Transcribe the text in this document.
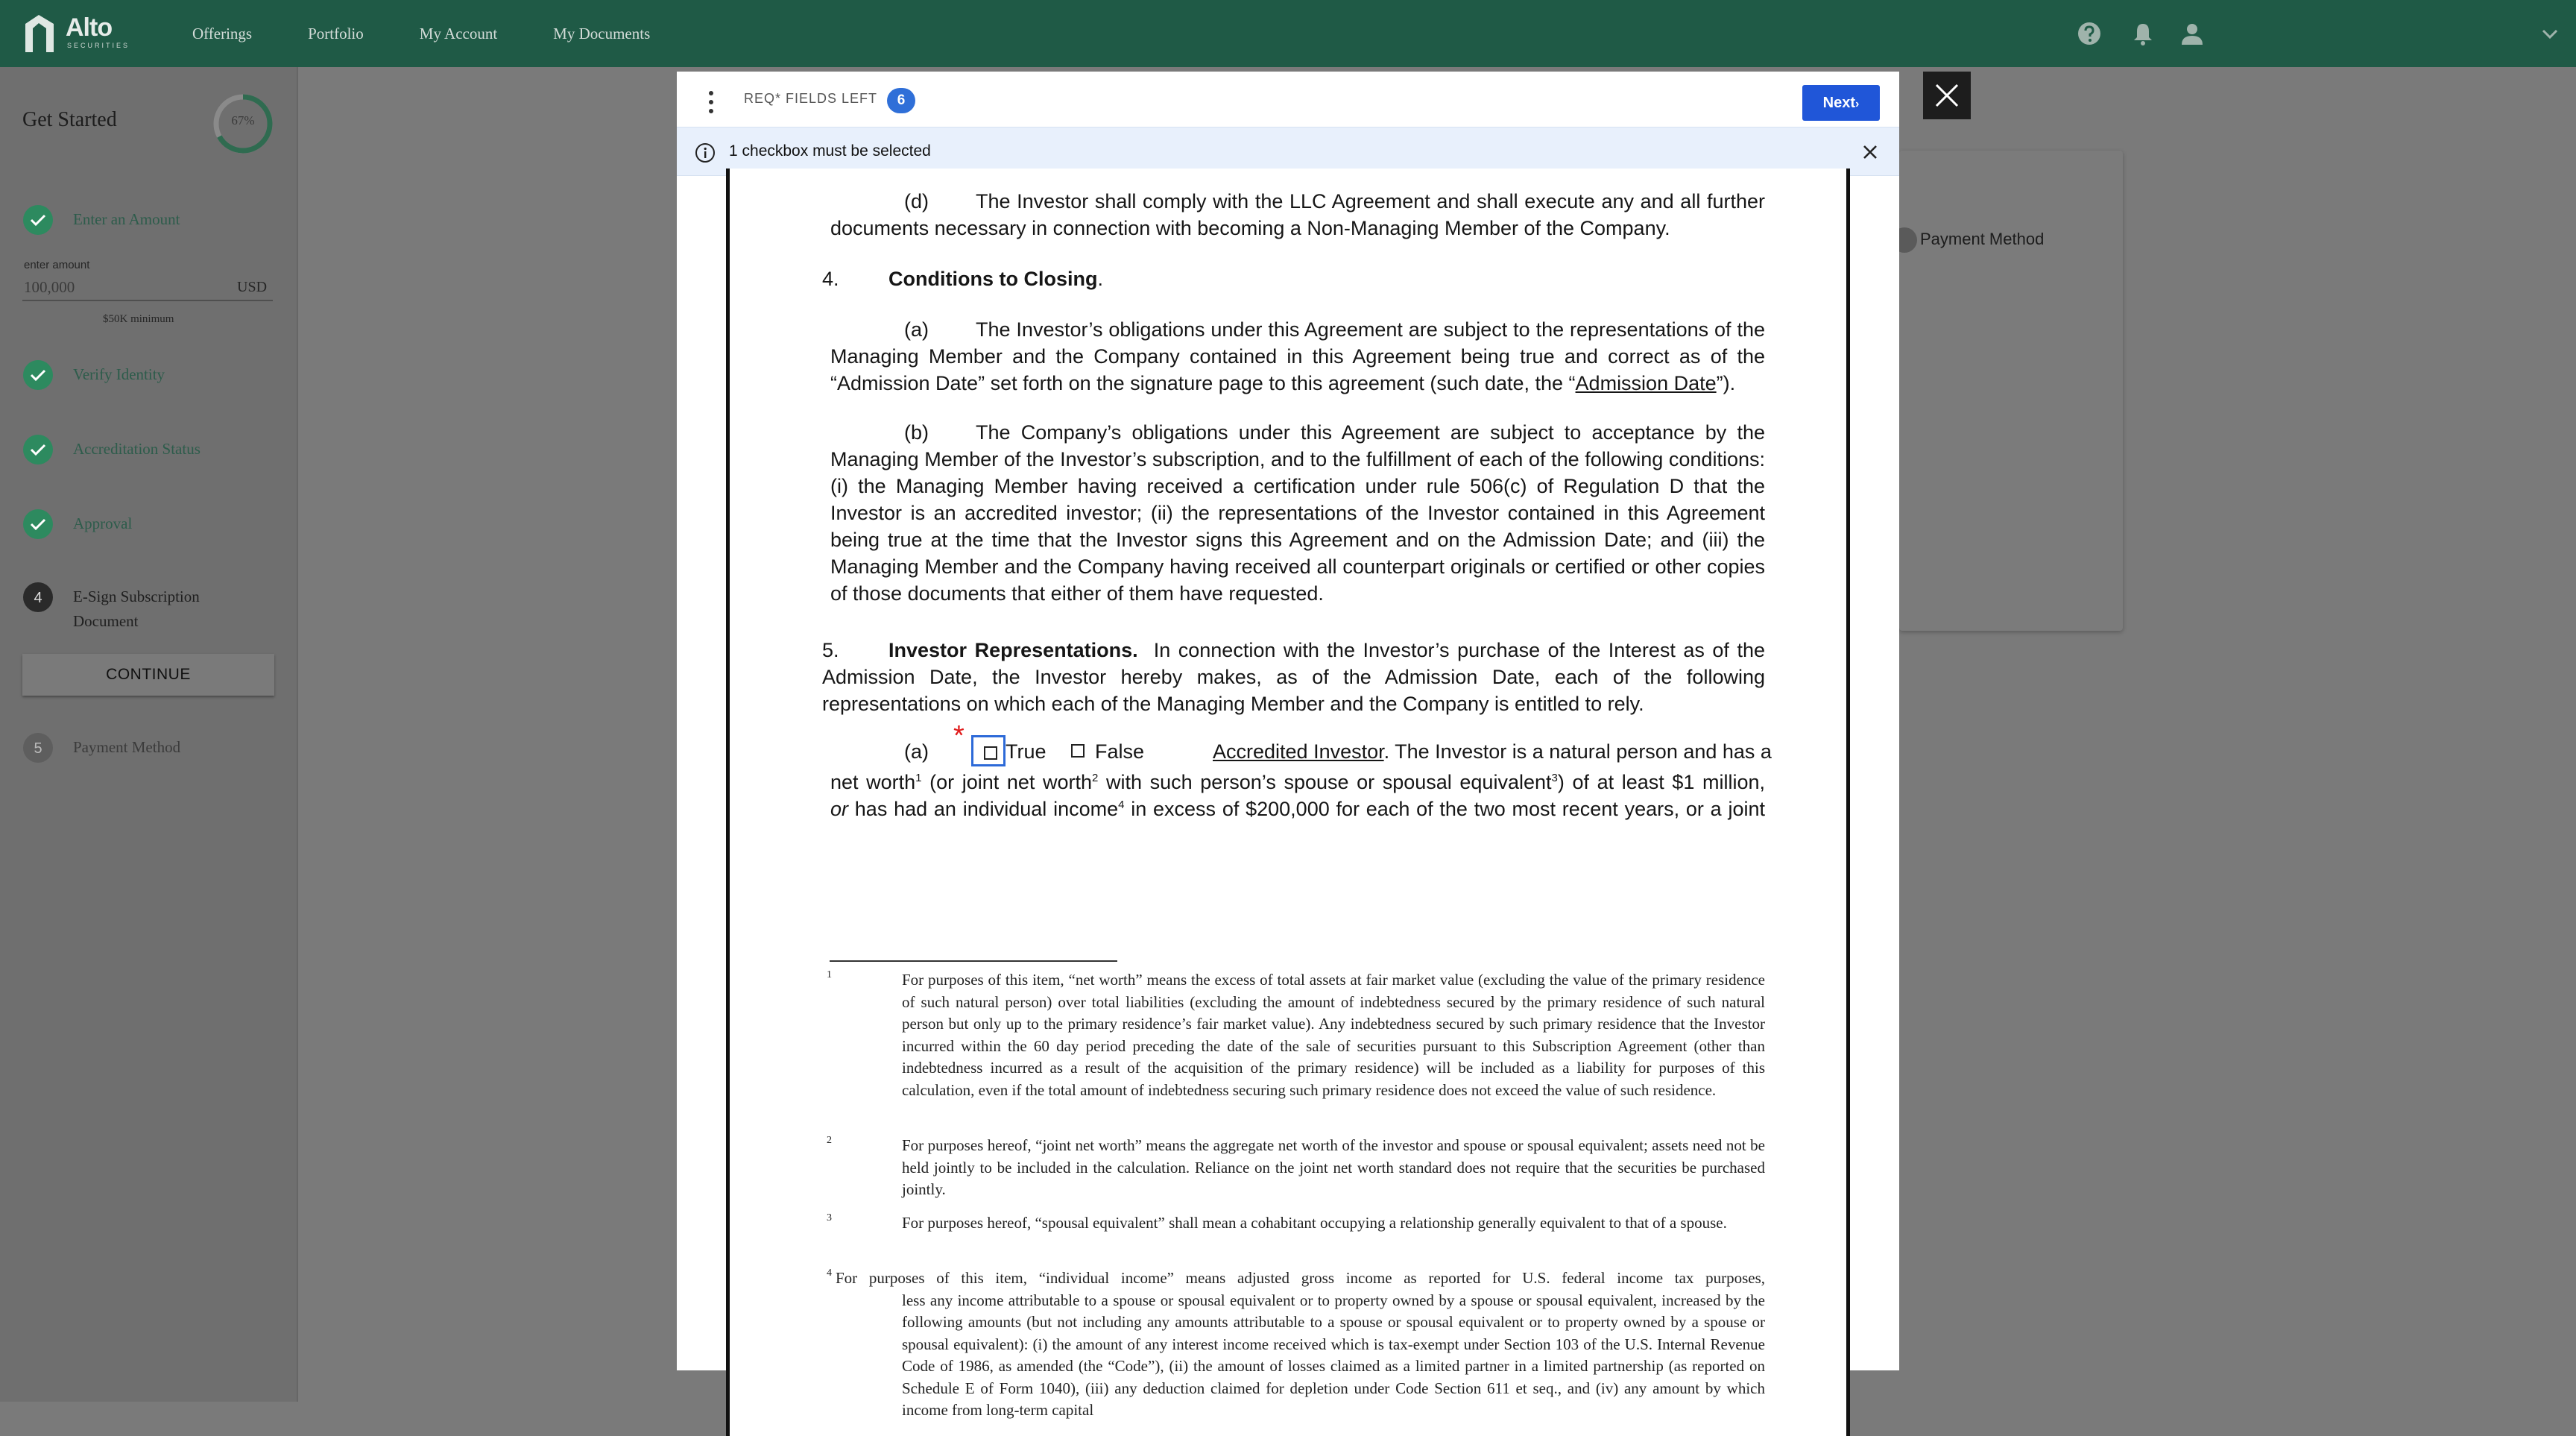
Alto
SECURITIES
Offerings	Portfolio	My Account	My Documents
Get Started	67%
Enter an Amount
enter amount
100,000
USD
$50K minimum
Verify Identity
Accreditation Status
Approval
4 E-Sign Subscription Document
CONTINUE
5 Payment Method
Payment Method
REQ* FIELDS LEFT	6	Next›
1 checkbox must be selected
(d)	The Investor shall comply with the LLC Agreement and shall execute any and all further documents necessary in connection with becoming a Non-Managing Member of the Company.
4.	Conditions to Closing.
(a)	The Investor’s obligations under this Agreement are subject to the representations of the Managing Member and the Company contained in this Agreement being true and correct as of the “Admission Date” set forth on the signature page to this agreement (such date, the “Admission Date”).
(b)	The Company’s obligations under this Agreement are subject to acceptance by the Managing Member of the Investor’s subscription, and to the fulfillment of each of the following conditions: (i) the Managing Member having received a certification under rule 506(c) of Regulation D that the Investor is an accredited investor; (ii) the representations of the Investor contained in this Agreement being true at the time that the Investor signs this Agreement and on the Admission Date; and (iii) the Managing Member and the Company having received all counterpart originals or certified or other copies of those documents that either of them have requested.
5. Investor Representations. In connection with the Investor’s purchase of the Interest as of the Admission Date, the Investor hereby makes, as of the Admission Date, each of the following representations on which each of the Managing Member and the Company is entitled to rely.
(a) * True	False	Accredited Investor. The Investor is a natural person and has a
net worth$^1$ (or joint net worth$^2$ with such person’s spouse or spousal equivalent$^3$) of at least $1 million,
or has had an individual income$^4$ in excess of $200,000 for each of the two most recent years, or a joint
1	For purposes of this item, “net worth” means the excess of total assets at fair market value (excluding the value of the primary residence of such natural person) over total liabilities (excluding the amount of indebtedness secured by the primary residence of such natural person but only up to the primary residence’s fair market value). Any indebtedness secured by such primary residence that the Investor incurred within the 60 day period preceding the date of the sale of securities pursuant to this Subscription Agreement (other than indebtedness incurred as a result of the acquisition of the primary residence) will be included as a liability for purposes of this calculation, even if the total amount of indebtedness securing such primary residence does not exceed the value of such residence.
2	For purposes hereof, “joint net worth” means the aggregate net worth of the investor and spouse or spousal equivalent; assets need not be held jointly to be included in the calculation. Reliance on the joint net worth standard does not require that the securities be purchased jointly.
3	For purposes hereof, “spousal equivalent” shall mean a cohabitant occupying a relationship generally equivalent to that of a spouse.
4 For purposes of this item, “individual income” means adjusted gross income as reported for U.S. federal income tax purposes,
less any income attributable to a spouse or spousal equivalent or to property owned by a spouse or spousal equivalent, increased by the following amounts (but not including any amounts attributable to a spouse or spousal equivalent or to property owned by a spouse or spousal equivalent): (i) the amount of any interest income received which is tax-exempt under Section 103 of the U.S. Internal Revenue Code of 1986, as amended (the “Code”), (ii) the amount of losses claimed as a limited partner in a limited partnership (as reported on Schedule E of Form 1040), (iii) any deduction claimed for depletion under Code Section 611 et seq., and (iv) any amount by which income from long-term capital
